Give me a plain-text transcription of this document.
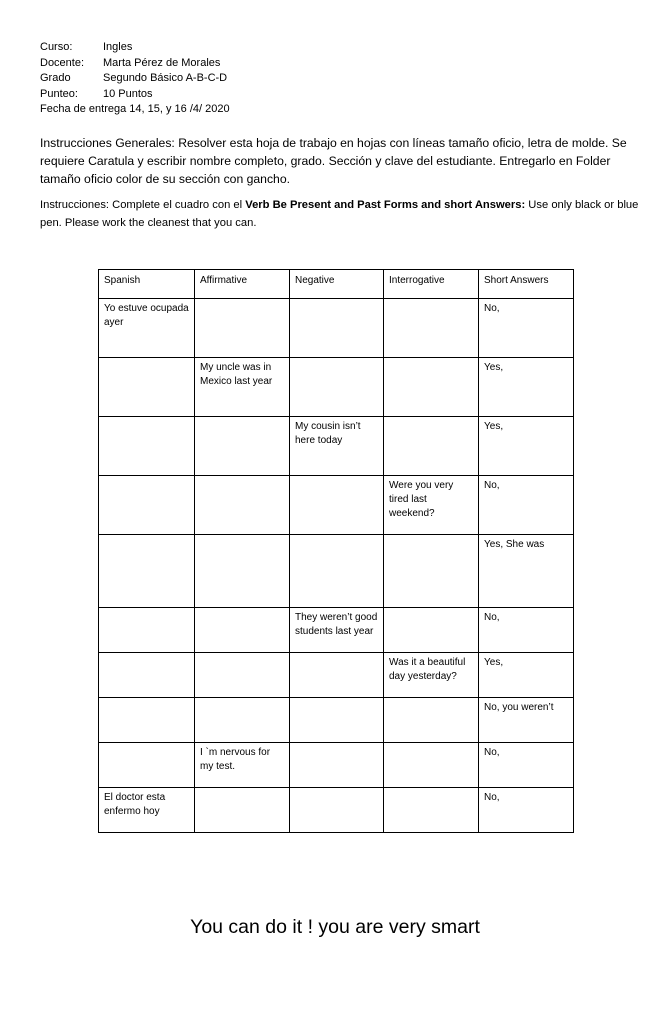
Curso:	Ingles
Docente: Marta Pérez de Morales
Grado	Segundo Básico A-B-C-D
Punteo: 10 Puntos
Fecha de entrega 14, 15, y 16 /4/ 2020
Instrucciones Generales: Resolver esta hoja de trabajo en hojas con líneas tamaño oficio, letra de molde. Se requiere Caratula y escribir nombre completo, grado. Sección y clave del estudiante. Entregarlo en Folder tamaño oficio color de su sección con gancho.
Instrucciones: Complete el cuadro con el Verb Be Present and Past Forms and short Answers: Use only black or blue pen. Please work the cleanest that you can.
Spanish	Affirmative	Negative	Interrogative	Short Answers
Yo estuve ocupada ayer				No,
	My uncle was in Mexico last year			Yes,
		My cousin isn’t here today		Yes,
			Were you very tired last weekend?	No,
				Yes, She was
		They weren’t good students last year		No,
			Was it a beautiful day yesterday?	Yes,
				No, you weren’t
	I `m nervous for my test.			No,
El doctor esta enfermo hoy				No,
You can do it ! you are very smart
